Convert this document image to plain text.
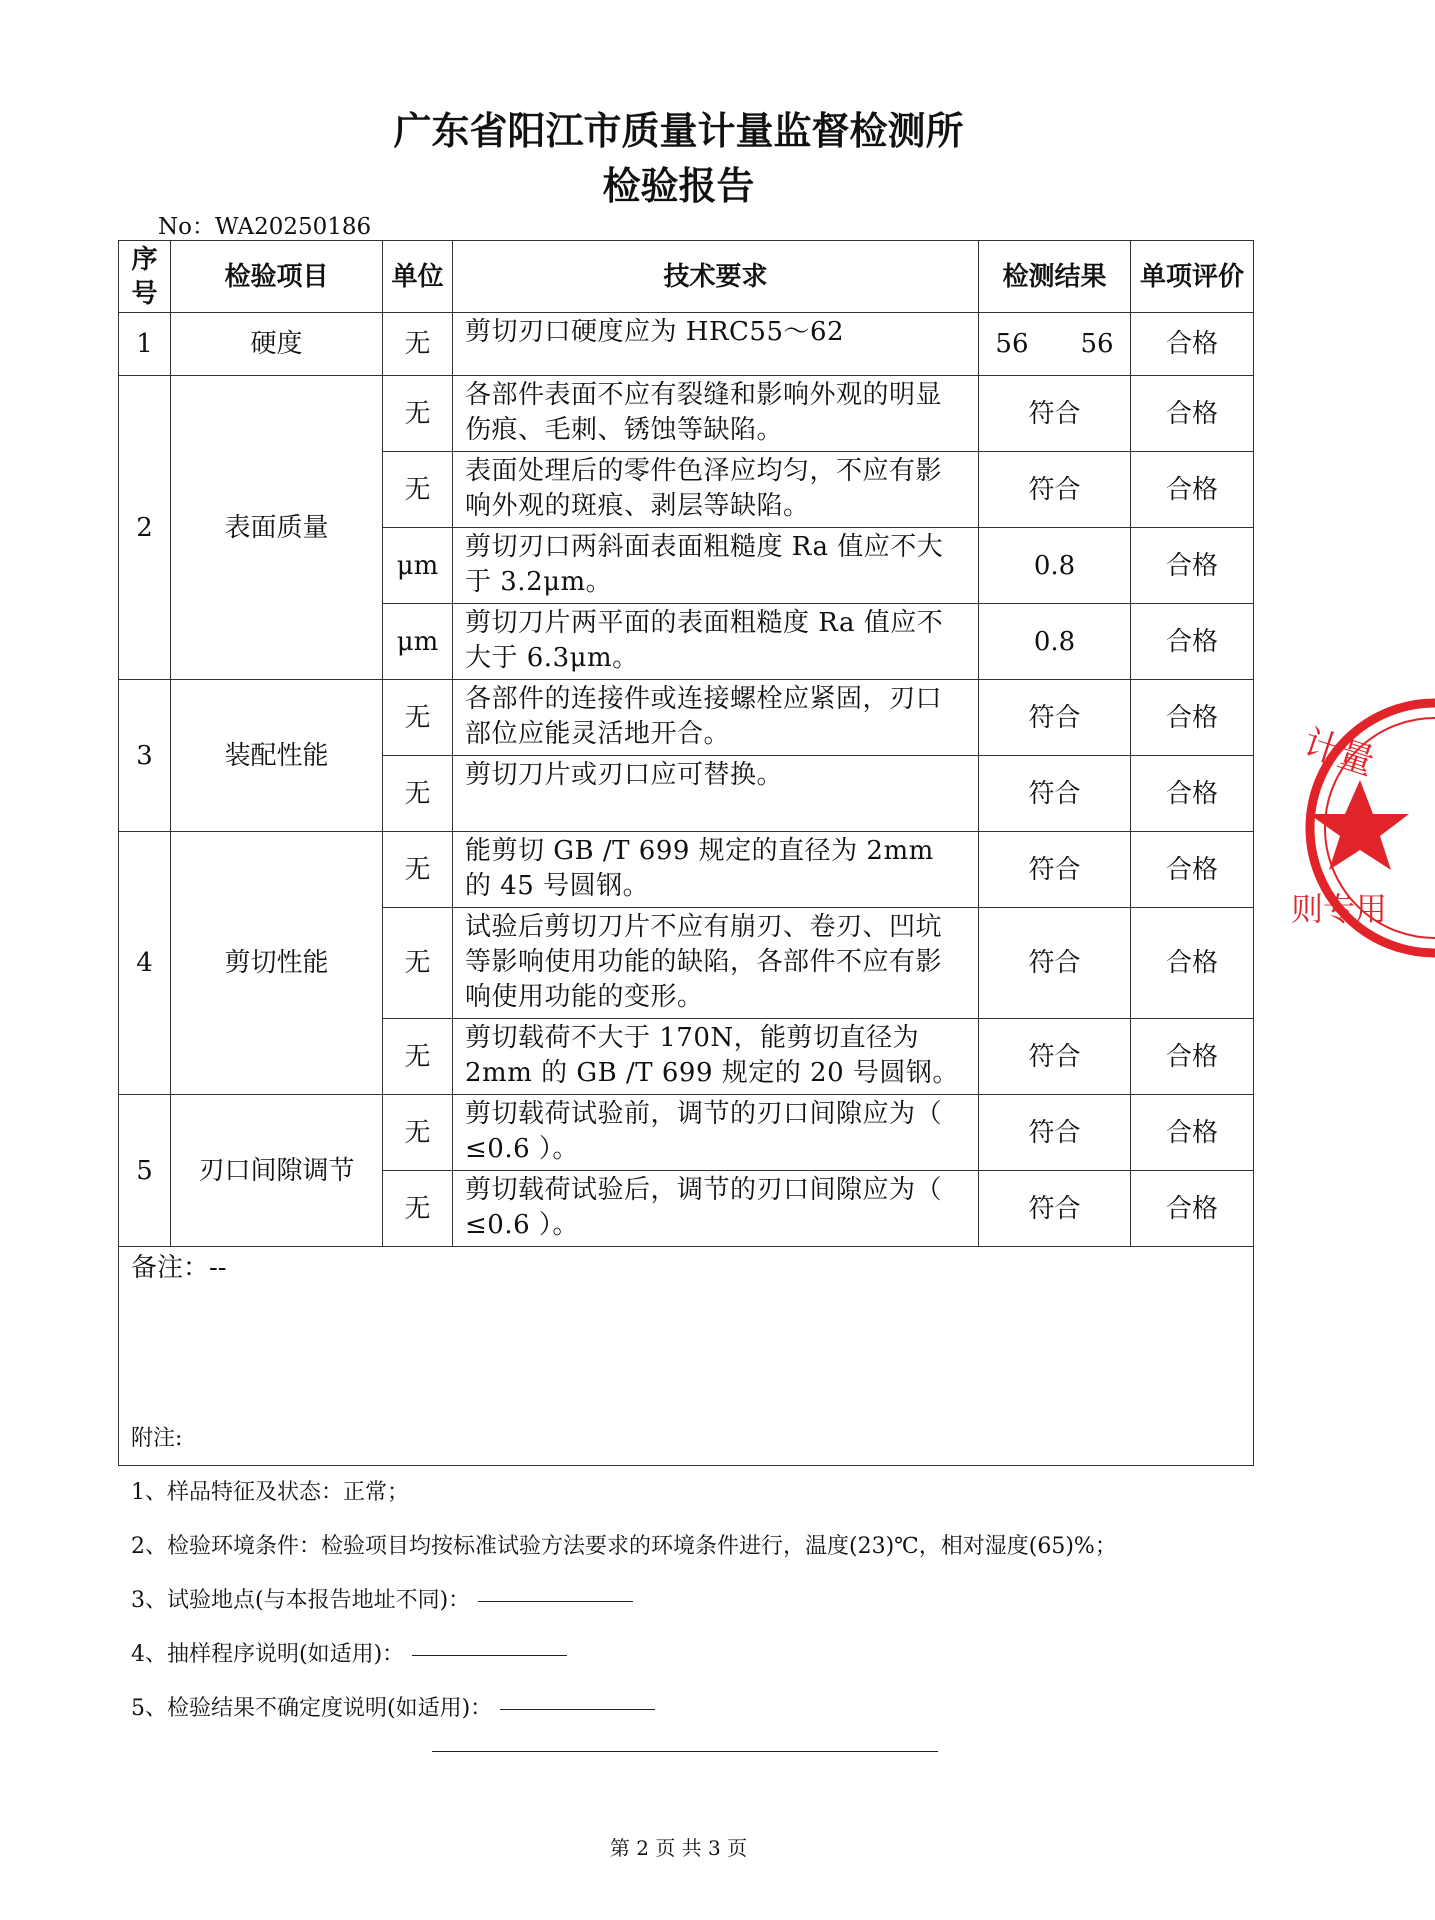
广东省阳江市质量计量监督检测所
检验报告
No：WA20250186
序号	检验项目	单位	技术要求	检测结果	单项评价
1	硬度	无	剪切刃口硬度应为 HRC55～62	56　　56	合格
2	表面质量	无	各部件表面不应有裂缝和影响外观的明显伤痕、毛刺、锈蚀等缺陷。	符合	合格
		无	表面处理后的零件色泽应均匀，不应有影响外观的斑痕、剥层等缺陷。	符合	合格
		μm	剪切刃口两斜面表面粗糙度 Ra 值应不大于 3.2μm。	0.8	合格
		μm	剪切刀片两平面的表面粗糙度 Ra 值应不大于 6.3μm。	0.8	合格
3	装配性能	无	各部件的连接件或连接螺栓应紧固，刃口部位应能灵活地开合。	符合	合格
		无	剪切刀片或刃口应可替换。	符合	合格
4	剪切性能	无	能剪切 GB /T 699 规定的直径为 2mm 的 45 号圆钢。	符合	合格
		无	试验后剪切刀片不应有崩刃、卷刃、凹坑等影响使用功能的缺陷，各部件不应有影响使用功能的变形。	符合	合格
		无	剪切载荷不大于 170N，能剪切直径为 2mm 的 GB /T 699 规定的 20 号圆钢。	符合	合格
5	刃口间隙调节	无	剪切载荷试验前，调节的刃口间隙应为（ ≤0.6 ）。	符合	合格
		无	剪切载荷试验后，调节的刃口间隙应为（ ≤0.6 ）。	符合	合格
备注：--					
计量
则专用
附注:
1、样品特征及状态：正常；
2、检验环境条件：检验项目均按标准试验方法要求的环境条件进行，温度(23)℃，相对湿度(65)%；
3、试验地点(与本报告地址不同)：
4、抽样程序说明(如适用)：
5、检验结果不确定度说明(如适用)：
第 2 页 共 3 页
